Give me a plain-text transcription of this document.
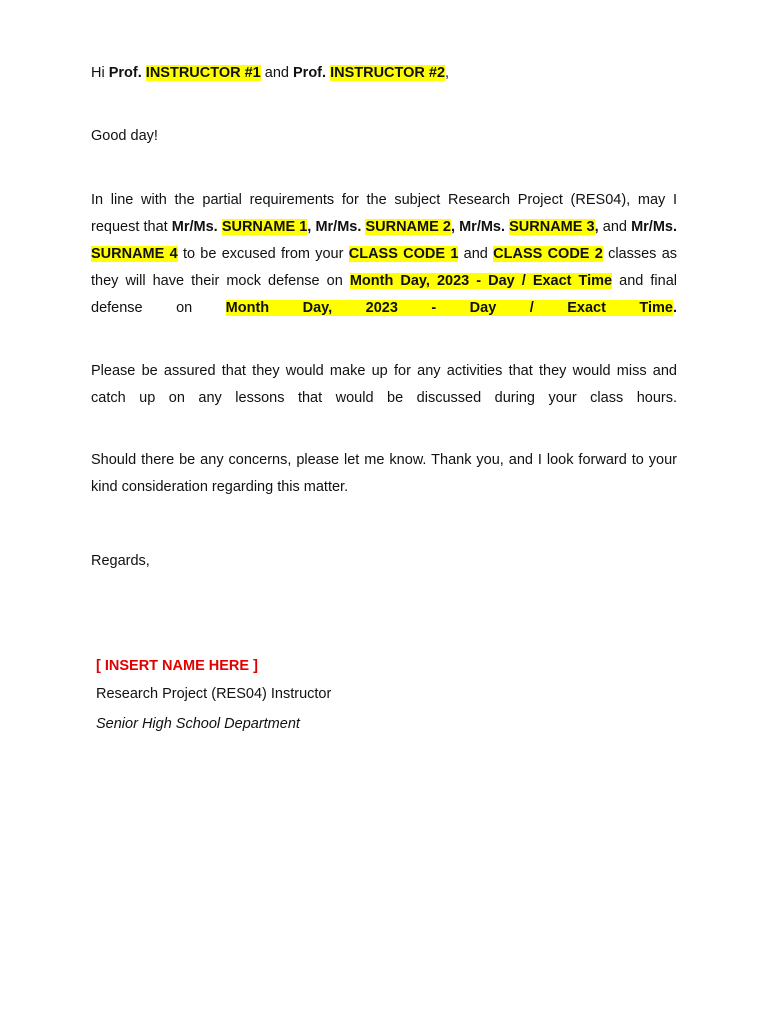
Hi Prof. INSTRUCTOR #1 and Prof. INSTRUCTOR #2,

Good day!

In line with the partial requirements for the subject Research Project (RES04), may I request that Mr/Ms. SURNAME 1, Mr/Ms. SURNAME 2, Mr/Ms. SURNAME 3, and Mr/Ms. SURNAME 4 to be excused from your CLASS CODE 1 and CLASS CODE 2 classes as they will have their mock defense on Month Day, 2023 - Day / Exact Time and final defense on Month Day, 2023 - Day / Exact Time.

Please be assured that they would make up for any activities that they would miss and catch up on any lessons that would be discussed during your class hours.

Should there be any concerns, please let me know. Thank you, and I look forward to your kind consideration regarding this matter.

Regards,

[ INSERT NAME HERE ]

Research Project (RES04) Instructor

Senior High School Department
